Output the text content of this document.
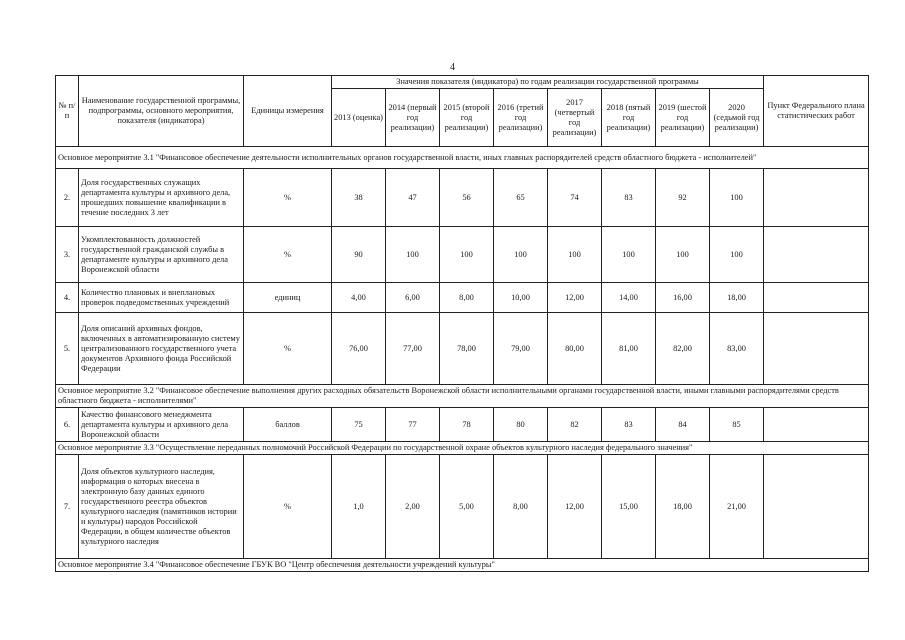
4
№ п/п	Наименование государственной программы, подпрограммы, основного мероприятия, показателя (индикатора)	Единицы измерения	Значения показателя (индикатора) по годам реализации государственной программы								Пункт Федерального плана статистических работ
			2013 (оценка)	2014 (первый год реализации)	2015 (второй год реализации)	2016 (третий год реализации)	2017 (четвертый год реализации)	2018 (пятый год реализации)	2019 (шестой год реализации)	2020 (седьмой год реализации)	
Основное мероприятие 3.1 "Финансовое обеспечение деятельности исполнительных органов государственной власти, иных главных распорядителей средств областного бюджета - исполнителей"											
2.	Доля государственных служащих департамента культуры и архивного дела, прошедших повышение квалификации в течение последних 3 лет	%	38	47	56	65	74	83	92	100	
3.	Укомплектованность должностей государственной гражданской службы в департаменте культуры и архивного дела Воронежской области	%	90	100	100	100	100	100	100	100	
4.	Количество плановых и внеплановых проверок подведомственных учреждений	единиц	4,00	6,00	8,00	10,00	12,00	14,00	16,00	18,00	
5.	Доля описаний архивных фондов, включенных в автоматизированную систему централизованного государственного учета документов Архивного фонда Российской Федерации	%	76,00	77,00	78,00	79,00	80,00	81,00	82,00	83,00	
Основное мероприятие 3.2 "Финансовое обеспечение выполнения других расходных обязательств Воронежской области исполнительными органами государственной власти, иными главными распорядителями средств областного бюджета - исполнителями"											
6.	Качество финансового менеджмента департамента культуры и архивного дела Воронежской области	баллов	75	77	78	80	82	83	84	85	
Основное мероприятие 3.3 "Осуществление переданных полномочий Российской Федерации по государственной охране объектов культурного наследия федерального значения"											
7.	Доля объектов культурного наследия, информация о которых внесена в электронную базу данных единого государственного реестра объектов культурного наследия (памятников истории и культуры) народов Российской Федерации, в общем количестве объектов культурного наследия	%	1,0	2,00	5,00	8,00	12,00	15,00	18,00	21,00	
Основное мероприятие 3.4 "Финансовое обеспечение ГБУК ВО "Центр обеспечения деятельности учреждений культуры"											
